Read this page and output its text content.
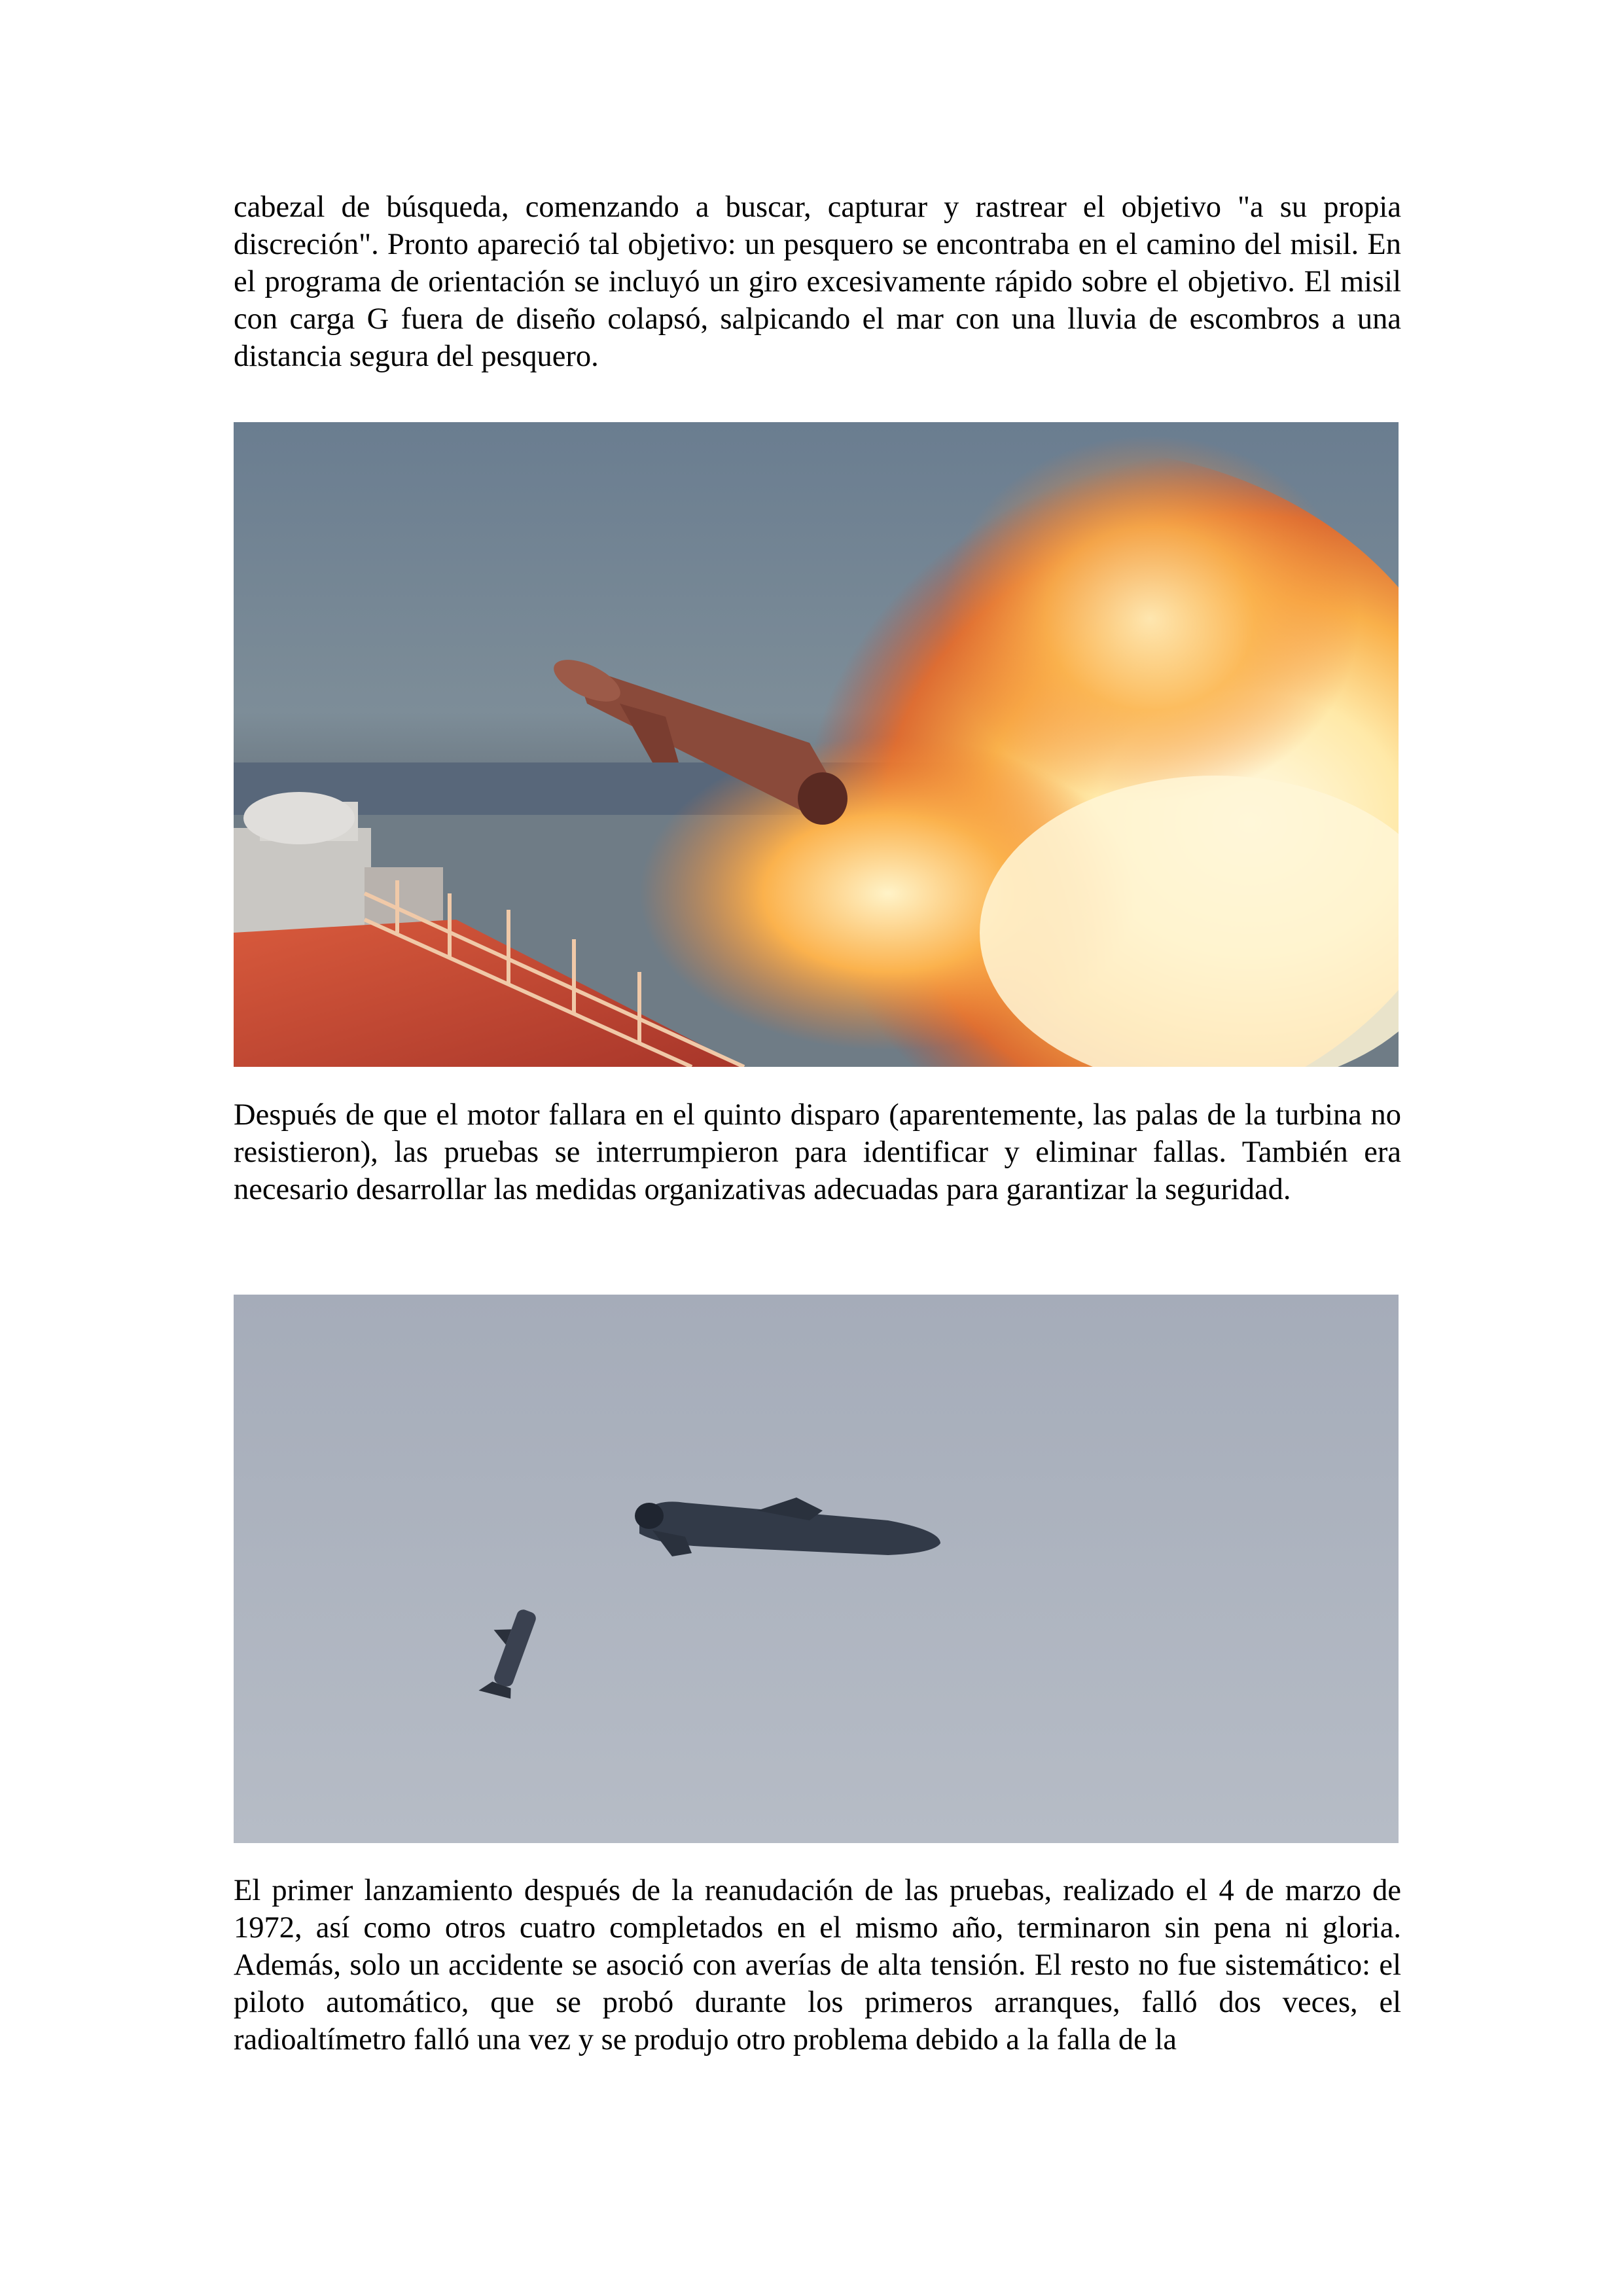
cabezal de búsqueda, comenzando a buscar, capturar y rastrear el objetivo "a su propia discreción". Pronto apareció tal objetivo: un pesquero se encontraba en el camino del misil. En el programa de orientación se incluyó un giro excesivamente rápido sobre el objetivo. El misil con carga G fuera de diseño colapsó, salpicando el mar con una lluvia de escombros a una distancia segura del pesquero.

Después de que el motor fallara en el quinto disparo (aparentemente, las palas de la turbina no resistieron), las pruebas se interrumpieron para identificar y eliminar fallas. También era necesario desarrollar las medidas organizativas adecuadas para garantizar la seguridad.

El primer lanzamiento después de la reanudación de las pruebas, realizado el 4 de marzo de 1972, así como otros cuatro completados en el mismo año, terminaron sin pena ni gloria. Además, solo un accidente se asoció con averías de alta tensión. El resto no fue sistemático: el piloto automático, que se probó durante los primeros arranques, falló dos veces, el radioaltímetro falló una vez y se produjo otro problema debido a la falla de la
